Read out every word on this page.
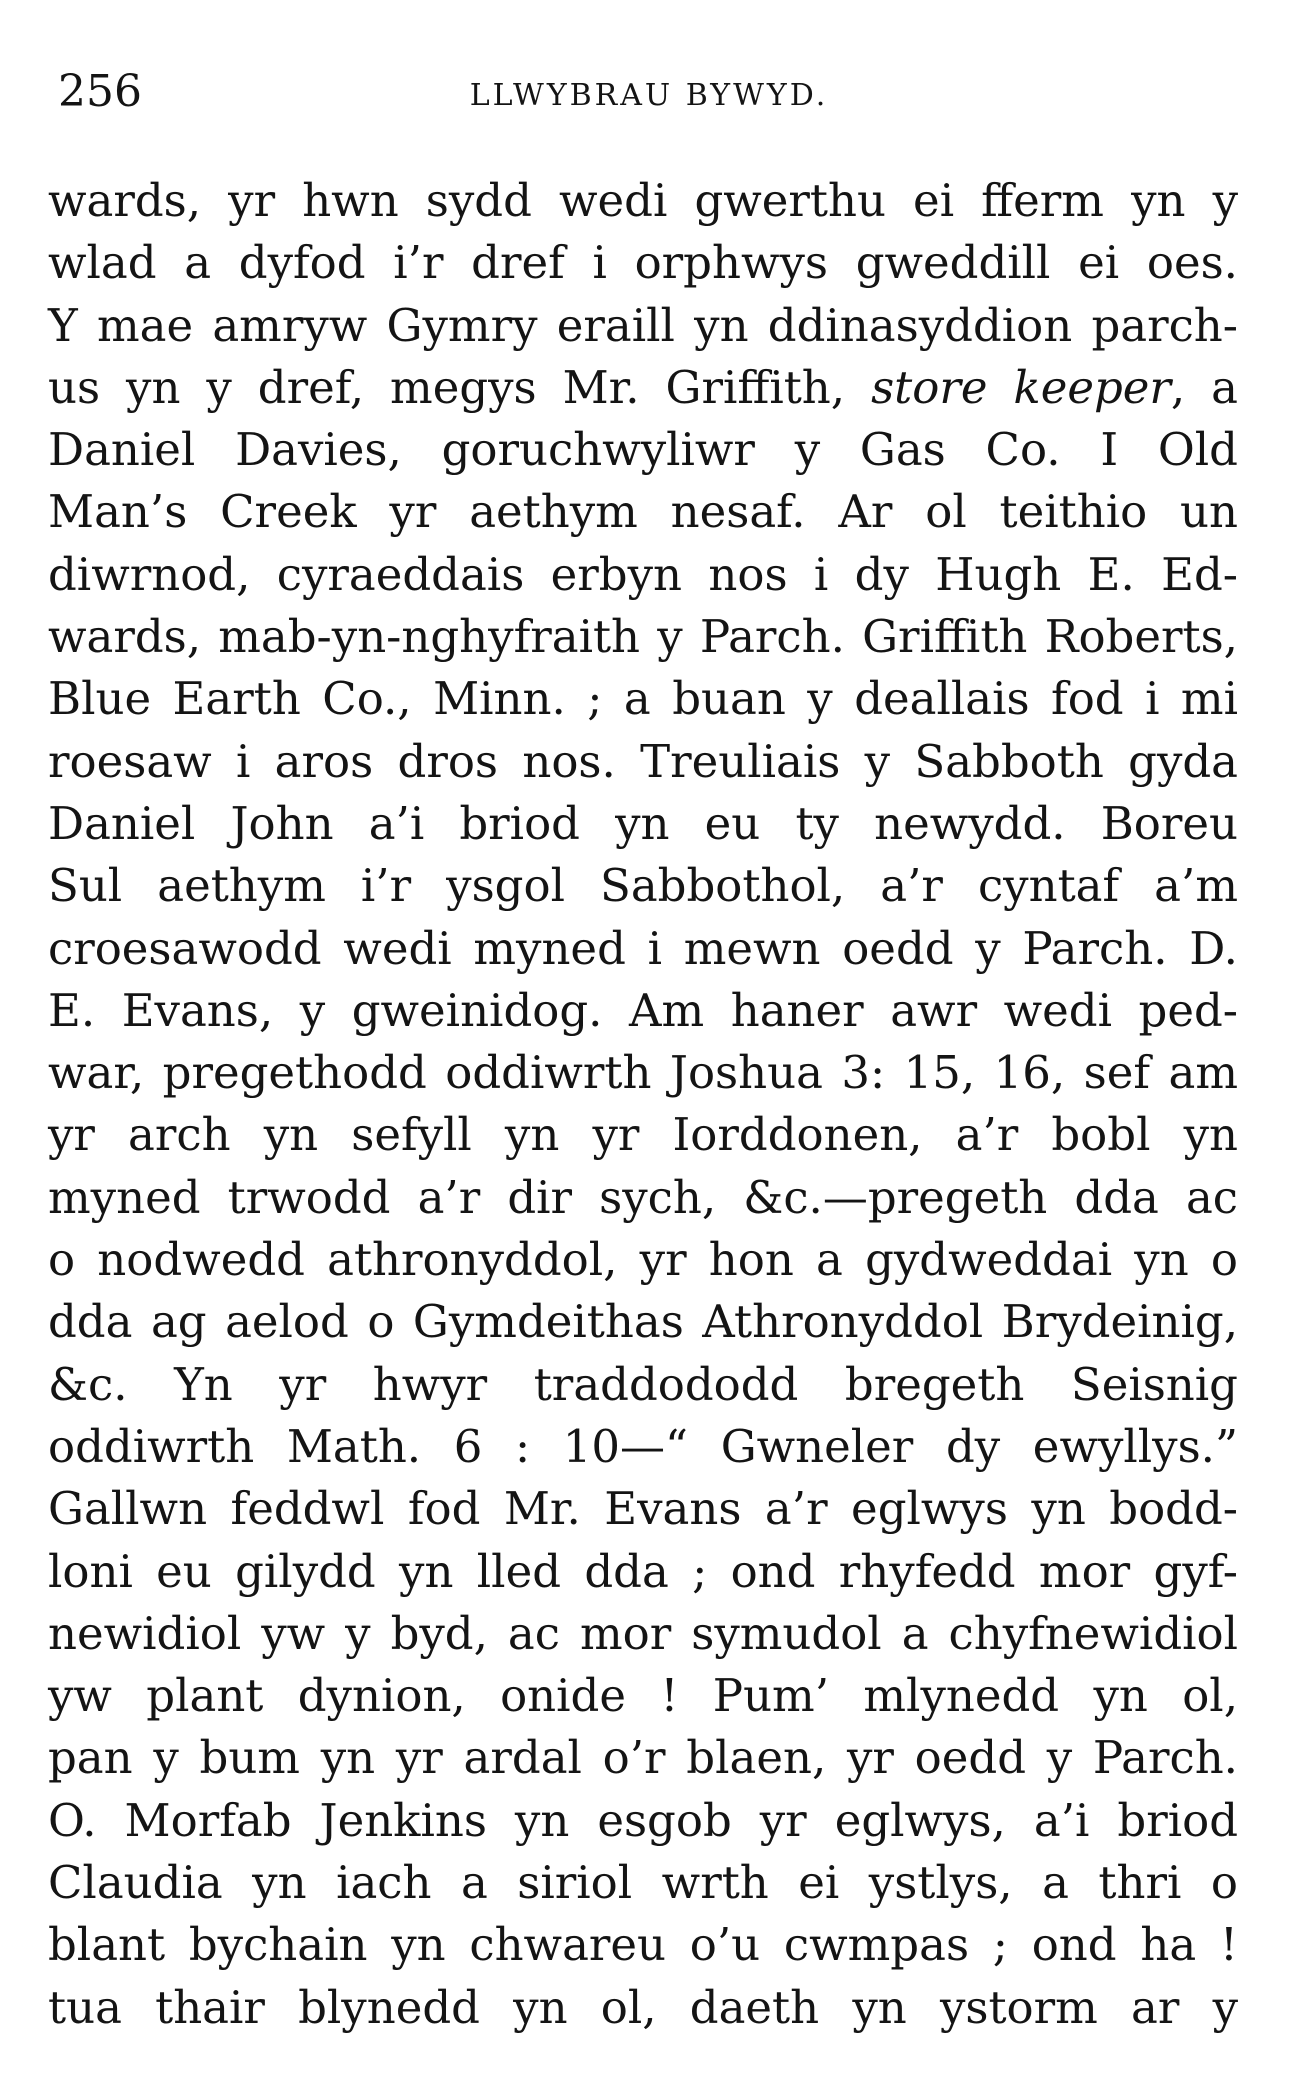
256	LLWYBRAU BYWYD.
wards, yr hwn sydd wedi gwerthu ei fferm yn y
wlad a dyfod i’r dref i orphwys gweddill ei oes.
Y mae amryw Gymry eraill yn ddinasyddion parch-
us yn y dref, megys Mr. Griffith, store keeper, a
Daniel Davies, goruchwyliwr y Gas Co. I Old
Man’s Creek yr aethym nesaf. Ar ol teithio un
diwrnod, cyraeddais erbyn nos i dy Hugh E. Ed-
wards, mab-yn-nghyfraith y Parch. Griffith Roberts,
Blue Earth Co., Minn. ; a buan y deallais fod i mi
roesaw i aros dros nos. Treuliais y Sabboth gyda
Daniel John a’i briod yn eu ty newydd. Boreu
Sul aethym i’r ysgol Sabbothol, a’r cyntaf a’m
croesawodd wedi myned i mewn oedd y Parch. D.
E. Evans, y gweinidog. Am haner awr wedi ped-
war, pregethodd oddiwrth Joshua 3: 15, 16, sef am
yr arch yn sefyll yn yr Iorddonen, a’r bobl yn
myned trwodd a’r dir sych, &c.—pregeth dda ac
o nodwedd athronyddol, yr hon a gydweddai yn o
dda ag aelod o Gymdeithas Athronyddol Brydeinig,
&c. Yn yr hwyr traddododd bregeth Seisnig
oddiwrth Math. 6 : 10—“ Gwneler dy ewyllys.”
Gallwn feddwl fod Mr. Evans a’r eglwys yn bodd-
loni eu gilydd yn lled dda ; ond rhyfedd mor gyf-
newidiol yw y byd, ac mor symudol a chyfnewidiol
yw plant dynion, onide ! Pum’ mlynedd yn ol,
pan y bum yn yr ardal o’r blaen, yr oedd y Parch.
O. Morfab Jenkins yn esgob yr eglwys, a’i briod
Claudia yn iach a siriol wrth ei ystlys, a thri o
blant bychain yn chwareu o’u cwmpas ; ond ha !
tua thair blynedd yn ol, daeth yn ystorm ar y
